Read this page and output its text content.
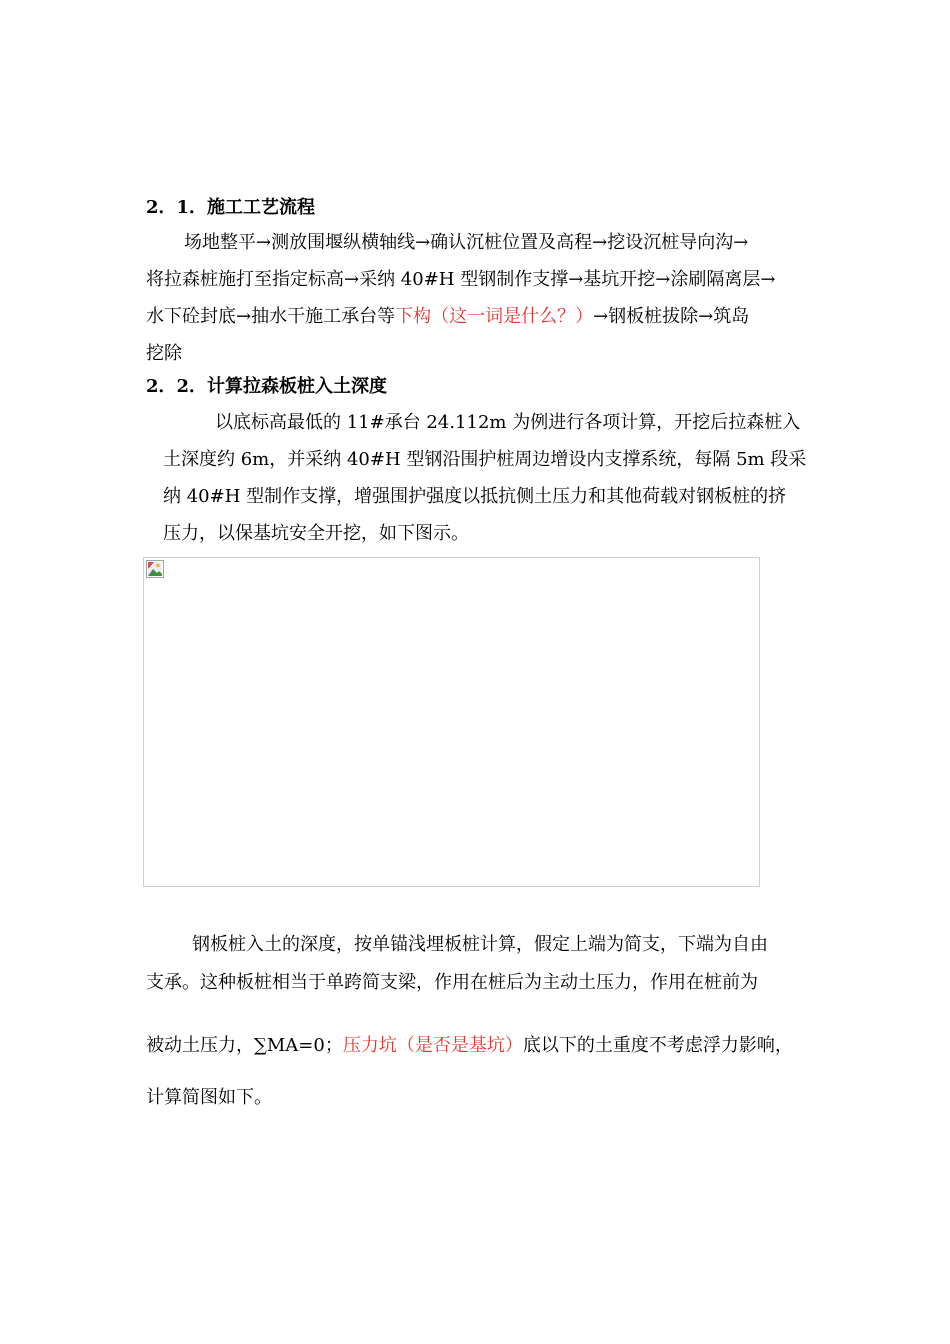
2．1．施工工艺流程
场地整平→测放围堰纵横轴线→确认沉桩位置及高程→挖设沉桩导向沟→
将拉森桩施打至指定标高→采纳 40#H 型钢制作支撑→基坑开挖→涂刷隔离层→
水下砼封底→抽水干施工承台等下构（这一词是什么？）→钢板桩拔除→筑岛
挖除
2．2．计算拉森板桩入土深度
以底标高最低的 11#承台 24.112m 为例进行各项计算，开挖后拉森桩入
土深度约 6m，并采纳 40#H 型钢沿围护桩周边增设内支撑系统，每隔 5m 段采
纳 40#H 型制作支撑，增强围护强度以抵抗侧土压力和其他荷载对钢板桩的挤
压力，以保基坑安全开挖，如下图示。
钢板桩入土的深度，按单锚浅埋板桩计算，假定上端为简支，下端为自由
支承。这种板桩相当于单跨简支梁，作用在桩后为主动土压力，作用在桩前为
被动土压力，∑MA=0；压力坑（是否是基坑）底以下的土重度不考虑浮力影响，
计算简图如下。
